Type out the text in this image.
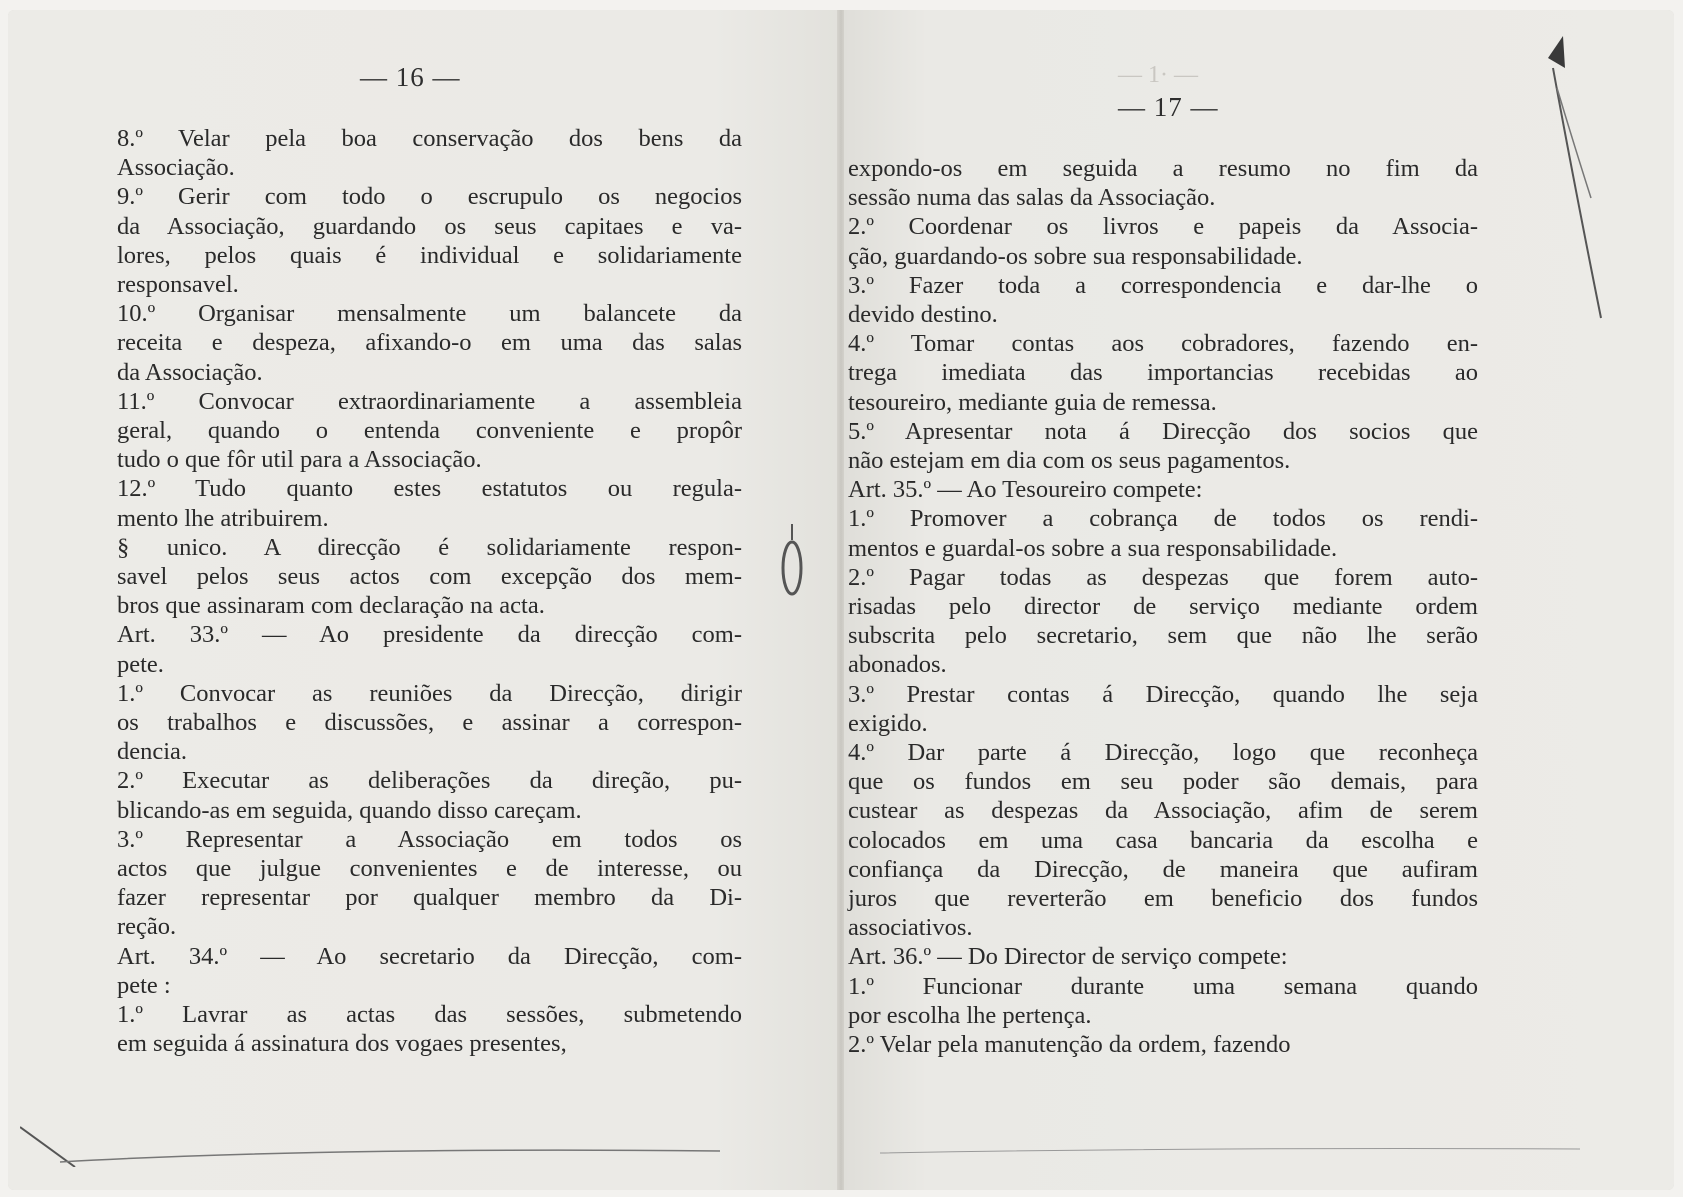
— 1· —
— 16 —
— 17 —
8.º Velar pela boa conservação dos bens da
Associação.
9.º Gerir com todo o escrupulo os negocios
da Associação, guardando os seus capitaes e va-
lores, pelos quais é individual e solidariamente
responsavel.
10.º Organisar mensalmente um balancete da
receita e despeza, afixando-o em uma das salas
da Associação.
11.º Convocar extraordinariamente a assembleia
geral, quando o entenda conveniente e propôr
tudo o que fôr util para a Associação.
12.º Tudo quanto estes estatutos ou regula-
mento lhe atribuirem.
§ unico. A direcção é solidariamente respon-
savel pelos seus actos com excepção dos mem-
bros que assinaram com declaração na acta.
Art. 33.º — Ao presidente da direcção com-
pete.
1.º Convocar as reuniões da Direcção, dirigir
os trabalhos e discussões, e assinar a correspon-
dencia.
2.º Executar as deliberações da direção, pu-
blicando-as em seguida, quando disso careçam.
3.º Representar a Associação em todos os
actos que julgue convenientes e de interesse, ou
fazer representar por qualquer membro da Di-
reção.
Art. 34.º — Ao secretario da Direcção, com-
pete :
1.º Lavrar as actas das sessões, submetendo
em seguida á assinatura dos vogaes presentes,
expondo-os em seguida a resumo no fim da
sessão numa das salas da Associação.
2.º Coordenar os livros e papeis da Associa-
ção, guardando-os sobre sua responsabilidade.
3.º Fazer toda a correspondencia e dar-lhe o
devido destino.
4.º Tomar contas aos cobradores, fazendo en-
trega imediata das importancias recebidas ao
tesoureiro, mediante guia de remessa.
5.º Apresentar nota á Direcção dos socios que
não estejam em dia com os seus pagamentos.
Art. 35.º — Ao Tesoureiro compete:
1.º Promover a cobrança de todos os rendi-
mentos e guardal-os sobre a sua responsabilidade.
2.º Pagar todas as despezas que forem auto-
risadas pelo director de serviço mediante ordem
subscrita pelo secretario, sem que não lhe serão
abonados.
3.º Prestar contas á Direcção, quando lhe seja
exigido.
4.º Dar parte á Direcção, logo que reconheça
que os fundos em seu poder são demais, para
custear as despezas da Associação, afim de serem
colocados em uma casa bancaria da escolha e
confiança da Direcção, de maneira que aufiram
juros que reverterão em beneficio dos fundos
associativos.
Art. 36.º — Do Director de serviço compete:
1.º Funcionar durante uma semana quando
por escolha lhe pertença.
2.º Velar pela manutenção da ordem, fazendo
